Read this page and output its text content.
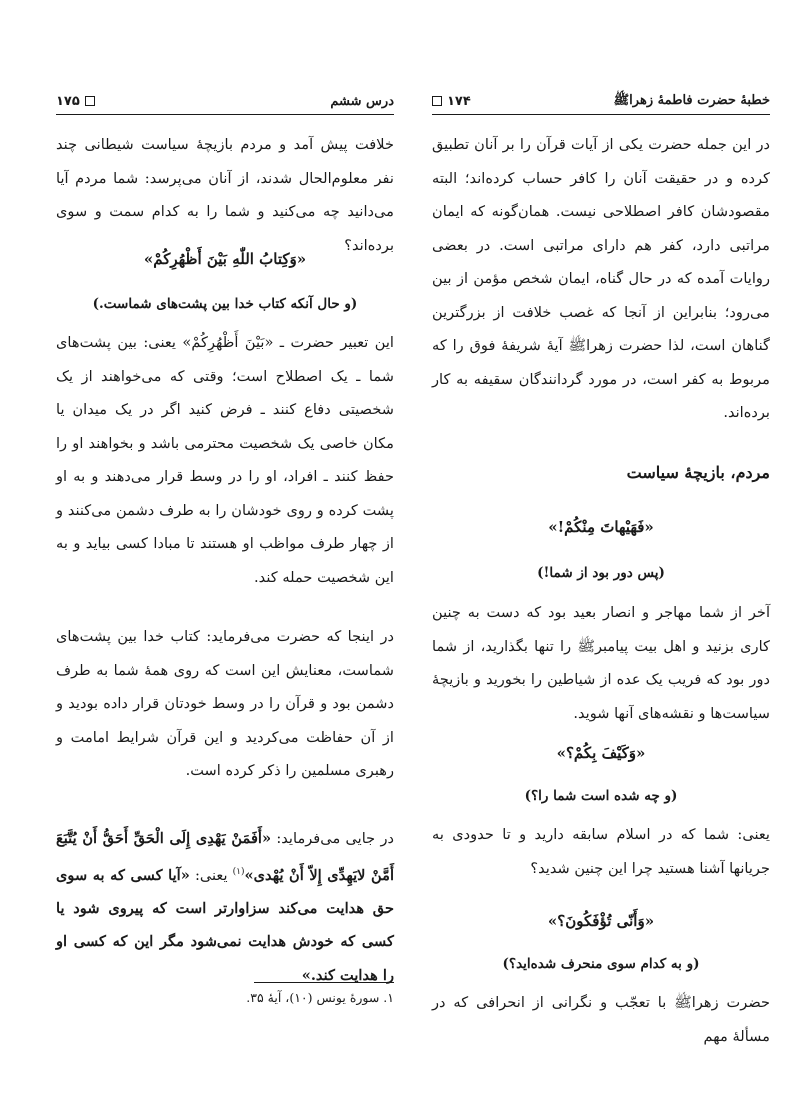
خطبهٔ حضرت فاطمهٔ زهراﷺ
۱۷۴
در این جمله حضرت یکی از آیات قرآن را بر آنان تطبیق کرده و در حقیقت آنان را کافر حساب کرده‌اند؛ البته مقصودشان کافر اصطلاحی نیست. همان‌گونه که ایمان مراتبی دارد، کفر هم دارای مراتبی است. در بعضی روایات آمده که در حال گناه، ایمان شخص مؤمن از بین می‌رود؛ بنابراین از آنجا که غصب خلافت از بزرگترین گناهان است، لذا حضرت زهراﷺ آیهٔ شریفهٔ فوق را که مربوط به کفر است، در مورد گردانندگان سقیفه به کار برده‌اند.
مردم، بازیچهٔ سیاست
«فَهَیْهاتَ مِنْکُمْ!»
(پس دور بود از شما!)
آخر از شما مهاجر و انصار بعید بود که دست به چنین کاری بزنید و اهل بیت پیامبرﷺ را تنها بگذارید، از شما دور بود که فریب یک عده از شیاطین را بخورید و بازیچهٔ سیاست‌ها و نقشه‌های آنها شوید.
«وَکَیْفَ بِکُمْ؟»
(و چه شده است شما را؟)
یعنی: شما که در اسلام سابقه دارید و تا حدودی به جریانها آشنا هستید چرا این چنین شدید؟
«وَأَنّی تُؤْفَکُونَ؟»
(و به کدام سوی منحرف شده‌اید؟)
حضرت زهراﷺ با تعجّب و نگرانی از انحرافی که در مسألهٔ مهم
درس ششم
۱۷۵
خلافت پیش آمد و مردم بازیچهٔ سیاست شیطانی چند نفر معلوم‌الحال شدند، از آنان می‌پرسد: شما مردم آیا می‌دانید چه می‌کنید و شما را به کدام سمت و سوی برده‌اند؟
«وَکِتابُ اللّٰهِ بَیْنَ أَظْهُرِکُمْ»
(و حال آنکه کتاب خدا بین پشت‌های شماست.)
این تعبیر حضرت ـ «بَیْنَ أَظْهُرِکُمْ» یعنی: بین پشت‌های شما ـ یک اصطلاح است؛ وقتی که می‌خواهند از یک شخصیتی دفاع کنند ـ فرض کنید اگر در یک میدان یا مکان خاصی یک شخصیت محترمی باشد و بخواهند او را حفظ کنند ـ افراد، او را در وسط قرار می‌دهند و به او پشت کرده و روی خودشان را به طرف دشمن می‌کنند و از چهار طرف مواظب او هستند تا مبادا کسی بیاید و به این شخصیت حمله کند.
در اینجا که حضرت می‌فرماید: کتاب خدا بین پشت‌های شماست، معنایش این است که روی همهٔ شما به طرف دشمن بود و قرآن را در وسط خودتان قرار داده بودید و از آن حفاظت می‌کردید و این قرآن شرایط امامت و رهبری مسلمین را ذکر کرده است.
در جایی می‌فرماید: «أَفَمَنْ یَهْدِی إِلَی الْحَقِّ أَحَقُّ أَنْ یُتَّبَعَ أَمَّنْ لایَهِدِّی إِلاّ أَنْ یُهْدی»$^{(۱)}$ یعنی: «آیا کسی که به سوی حق هدایت می‌کند سزاوارتر است که پیروی شود یا کسی که خودش هدایت نمی‌شود مگر این که کسی او را هدایت کند.»
۱. سورهٔ یونس (۱۰)، آیهٔ ۳۵.
